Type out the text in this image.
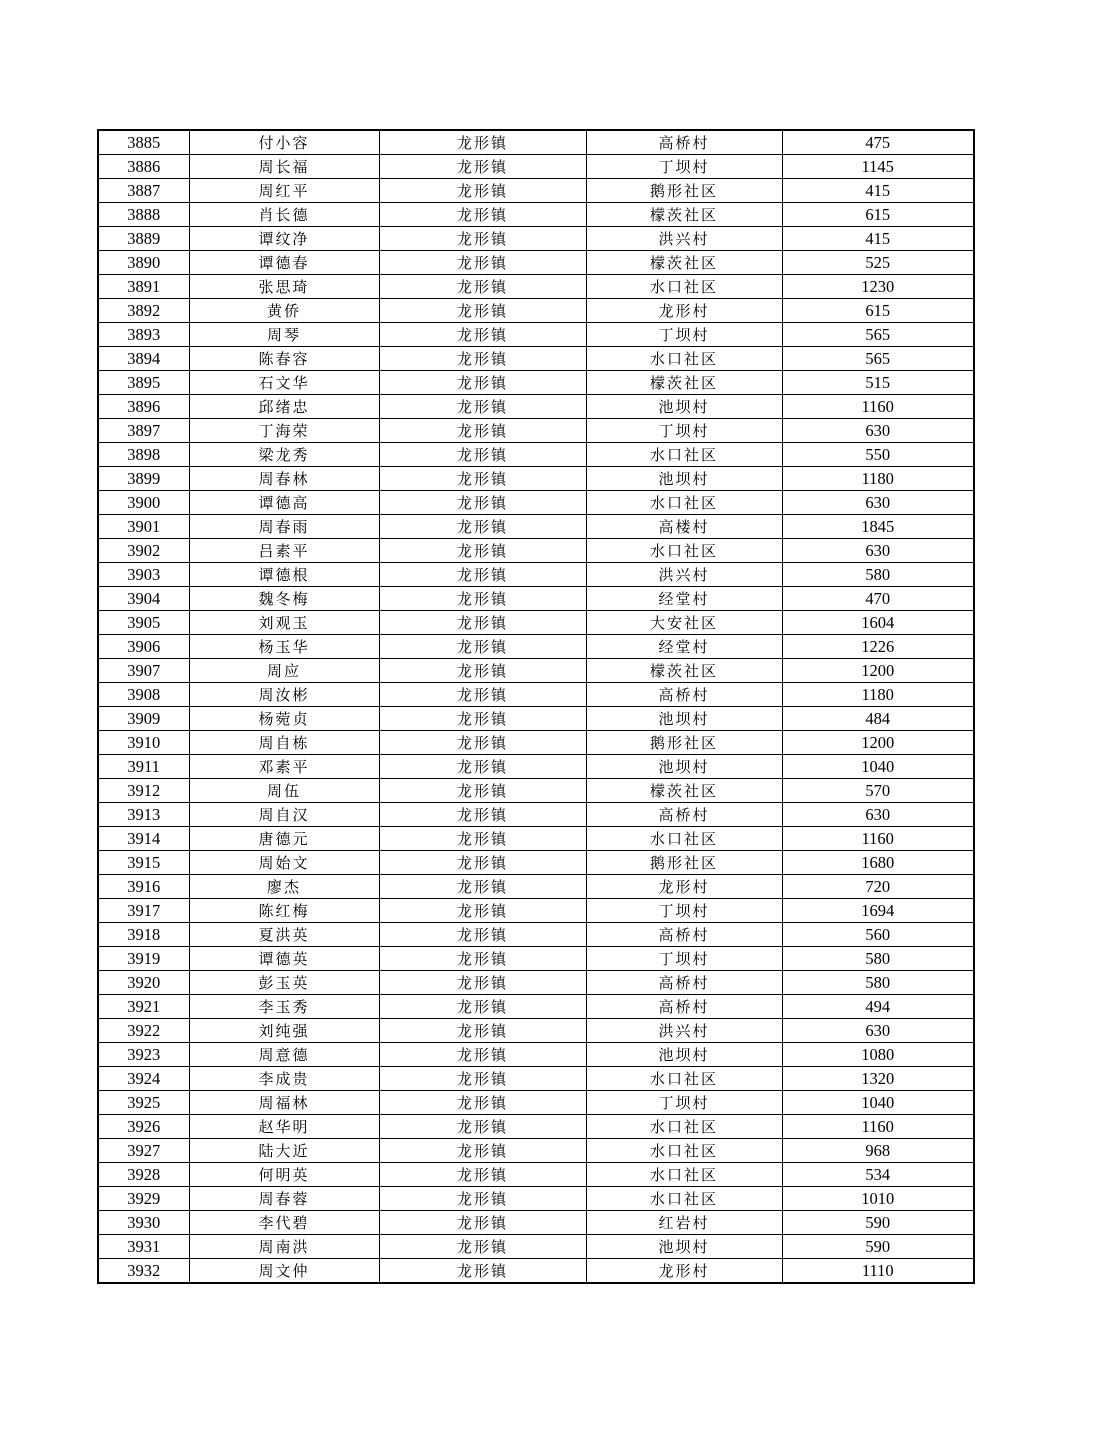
3885	付小容	龙形镇	高桥村	475
3886	周长福	龙形镇	丁坝村	1145
3887	周红平	龙形镇	鹅形社区	415
3888	肖长德	龙形镇	檬茨社区	615
3889	谭纹净	龙形镇	洪兴村	415
3890	谭德春	龙形镇	檬茨社区	525
3891	张思琦	龙形镇	水口社区	1230
3892	黄侨	龙形镇	龙形村	615
3893	周琴	龙形镇	丁坝村	565
3894	陈春容	龙形镇	水口社区	565
3895	石文华	龙形镇	檬茨社区	515
3896	邱绪忠	龙形镇	池坝村	1160
3897	丁海荣	龙形镇	丁坝村	630
3898	梁龙秀	龙形镇	水口社区	550
3899	周春林	龙形镇	池坝村	1180
3900	谭德高	龙形镇	水口社区	630
3901	周春雨	龙形镇	高楼村	1845
3902	吕素平	龙形镇	水口社区	630
3903	谭德根	龙形镇	洪兴村	580
3904	魏冬梅	龙形镇	经堂村	470
3905	刘观玉	龙形镇	大安社区	1604
3906	杨玉华	龙形镇	经堂村	1226
3907	周应	龙形镇	檬茨社区	1200
3908	周汝彬	龙形镇	高桥村	1180
3909	杨菀贞	龙形镇	池坝村	484
3910	周自栋	龙形镇	鹅形社区	1200
3911	邓素平	龙形镇	池坝村	1040
3912	周伍	龙形镇	檬茨社区	570
3913	周自汉	龙形镇	高桥村	630
3914	唐德元	龙形镇	水口社区	1160
3915	周始文	龙形镇	鹅形社区	1680
3916	廖杰	龙形镇	龙形村	720
3917	陈红梅	龙形镇	丁坝村	1694
3918	夏洪英	龙形镇	高桥村	560
3919	谭德英	龙形镇	丁坝村	580
3920	彭玉英	龙形镇	高桥村	580
3921	李玉秀	龙形镇	高桥村	494
3922	刘纯强	龙形镇	洪兴村	630
3923	周意德	龙形镇	池坝村	1080
3924	李成贵	龙形镇	水口社区	1320
3925	周福林	龙形镇	丁坝村	1040
3926	赵华明	龙形镇	水口社区	1160
3927	陆大近	龙形镇	水口社区	968
3928	何明英	龙形镇	水口社区	534
3929	周春蓉	龙形镇	水口社区	1010
3930	李代碧	龙形镇	红岩村	590
3931	周南洪	龙形镇	池坝村	590
3932	周文仲	龙形镇	龙形村	1110
